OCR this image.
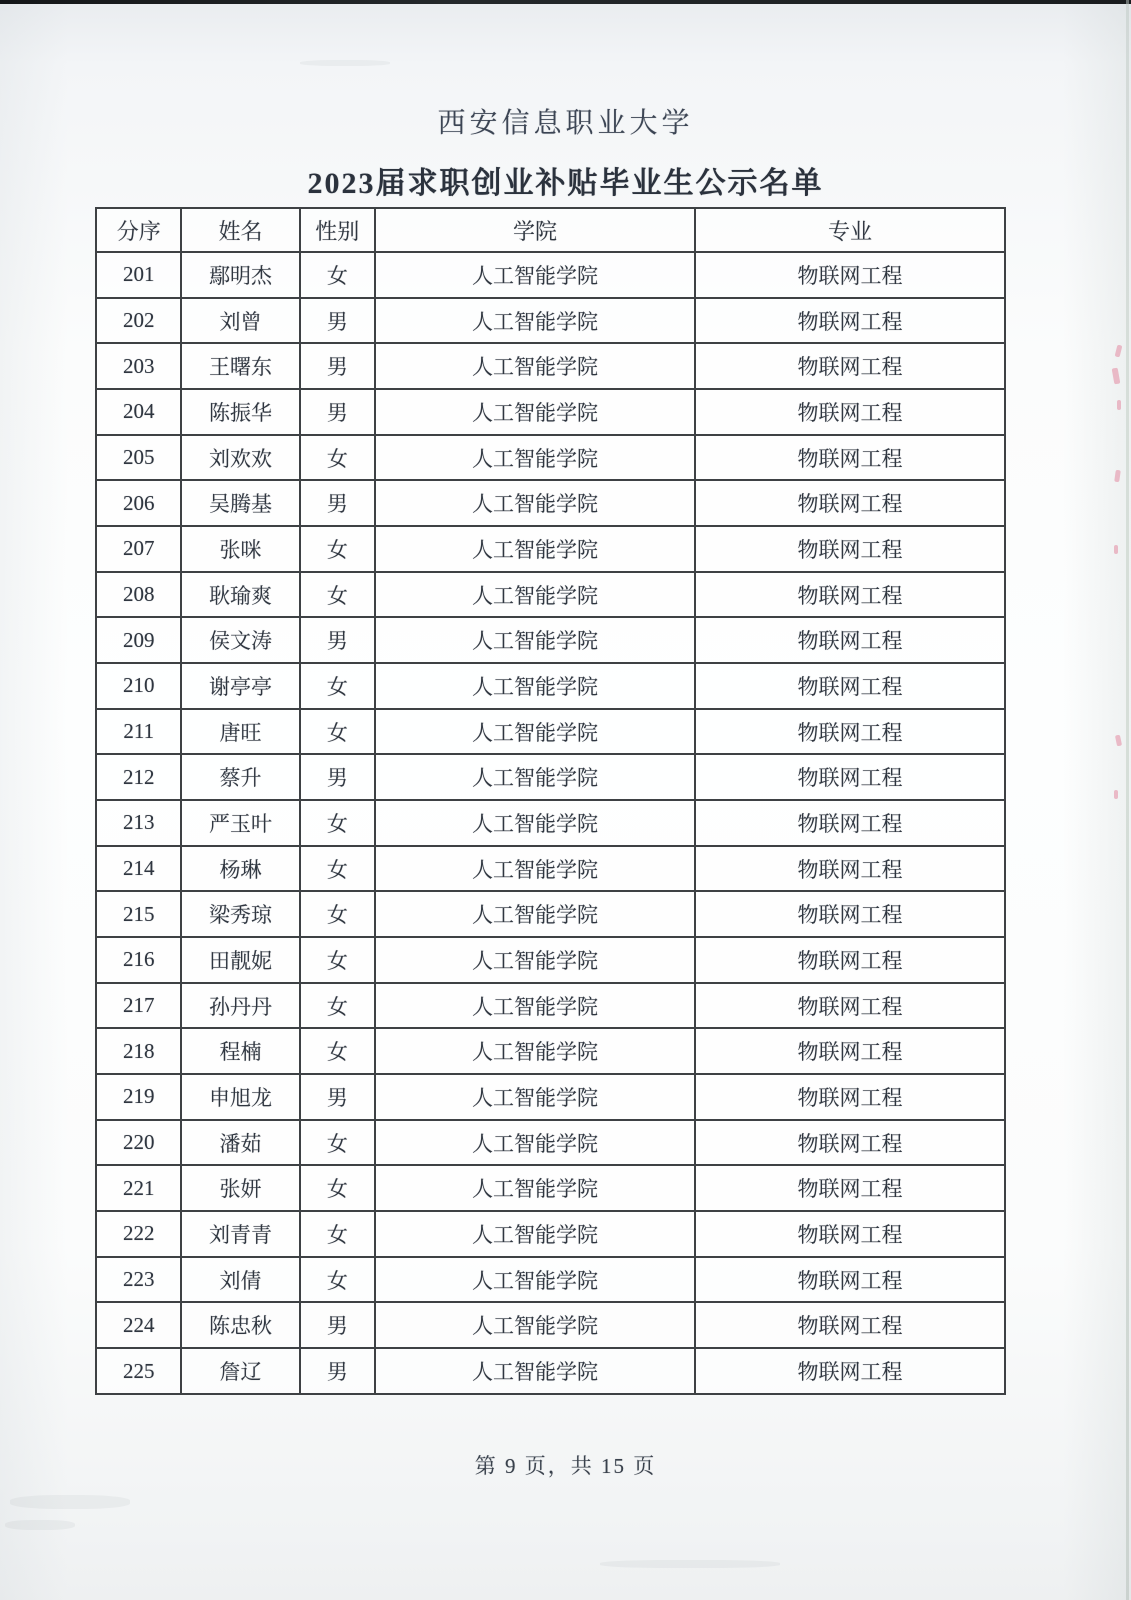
西安信息职业大学
2023届求职创业补贴毕业生公示名单
分序	姓名	性别	学院	专业
201	鄢明杰	女	人工智能学院	物联网工程
202	刘曾	男	人工智能学院	物联网工程
203	王曙东	男	人工智能学院	物联网工程
204	陈振华	男	人工智能学院	物联网工程
205	刘欢欢	女	人工智能学院	物联网工程
206	吴腾基	男	人工智能学院	物联网工程
207	张咪	女	人工智能学院	物联网工程
208	耿瑜爽	女	人工智能学院	物联网工程
209	侯文涛	男	人工智能学院	物联网工程
210	谢亭亭	女	人工智能学院	物联网工程
211	唐旺	女	人工智能学院	物联网工程
212	蔡升	男	人工智能学院	物联网工程
213	严玉叶	女	人工智能学院	物联网工程
214	杨琳	女	人工智能学院	物联网工程
215	梁秀琼	女	人工智能学院	物联网工程
216	田靓妮	女	人工智能学院	物联网工程
217	孙丹丹	女	人工智能学院	物联网工程
218	程楠	女	人工智能学院	物联网工程
219	申旭龙	男	人工智能学院	物联网工程
220	潘茹	女	人工智能学院	物联网工程
221	张妍	女	人工智能学院	物联网工程
222	刘青青	女	人工智能学院	物联网工程
223	刘倩	女	人工智能学院	物联网工程
224	陈忠秋	男	人工智能学院	物联网工程
225	詹辽	男	人工智能学院	物联网工程
第 9 页，共 15 页
